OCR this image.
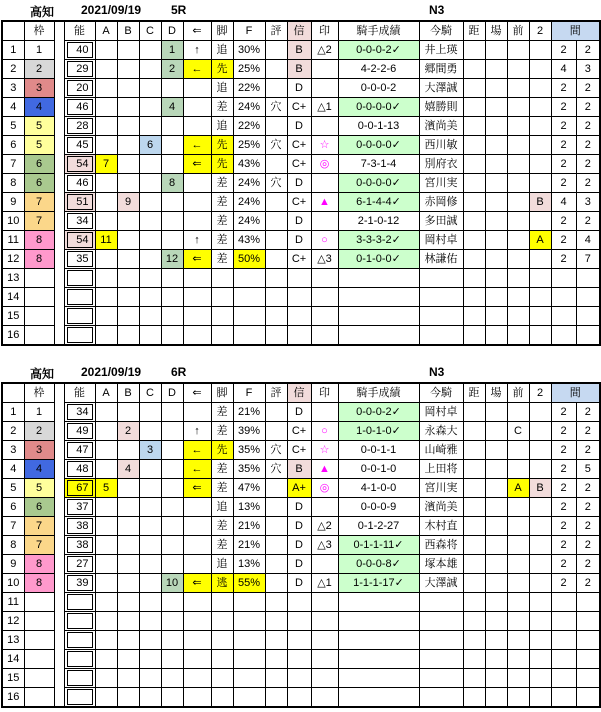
高知 2021/09/19 5R	N3
	枠		能	A	B	C	D	⇐	脚	F	評	信	印	騎手成績	今騎	距	場	前	2	間	
1	1		40				1	↑	追	30%		B	△2	0-0-0-2✓	井上瑛					2	2
2	2		29				2	←	先	25%		B		4-2-2-6	郷間勇					4	3
3	3		20						追	22%		D		0-0-0-2	大澤誠					2	2
4	4		46				4		差	24%	穴	C+	△1	0-0-0-0✓	嬉勝則					2	2
5	5		28						追	22%		D		0-0-1-13	濱尚美					2	2
6	5		45			6		←	先	25%	穴	C+	☆	0-0-0-0✓	西川敏					2	2
7	6		54	7				⇐	先	43%		C+	◎	7-3-1-4	別府衣					2	2
8	6		46				8		差	24%	穴	D		0-0-0-0✓	宮川実					2	2
9	7		51		9				差	24%		C+	▲	6-1-4-4✓	赤岡修				B	4	3
10	7		34						差	24%		D		2-1-0-12	多田誠					2	2
11	8		54	11				↑	差	43%		D	○	3-3-3-2✓	岡村卓				A	2	4
12	8		35				12	⇐	差	50%		C+	△3	0-1-0-0✓	林謙佑					2	7
13			

14			

15			

16			

高知 2021/09/19 6R	N3
	枠		能	A	B	C	D	⇐	脚	F	評	信	印	騎手成績	今騎	距	場	前	2	間	
1	1		34						差	21%		D		0-0-0-2✓	岡村卓					2	2
2	2		49		2			↑	差	39%		C+	○	1-0-1-0✓	永森大			C		2	2
3	3		47			3		←	先	35%	穴	C+	☆	0-0-1-1	山崎雅					2	2
4	4		48		4			←	差	35%	穴	B	▲	0-0-1-0	上田将					2	5
5	5		67	5				⇐	差	47%		A+	◎	4-1-0-0	宮川実			A	B	2	2
6	6		37						追	13%		D		0-0-0-9	濱尚美					2	2
7	7		38						差	21%		D	△2	0-1-2-27	木村直					2	2
8	7		38						差	21%		D	△3	0-1-1-11✓	西森将					2	2
9	8		27						追	13%		D		0-0-0-8✓	塚本雄					2	2
10	8		39				10	⇐	逃	55%		D	△1	1-1-1-17✓	大澤誠					2	2
11			

12			

13			

14			

15			

16			
